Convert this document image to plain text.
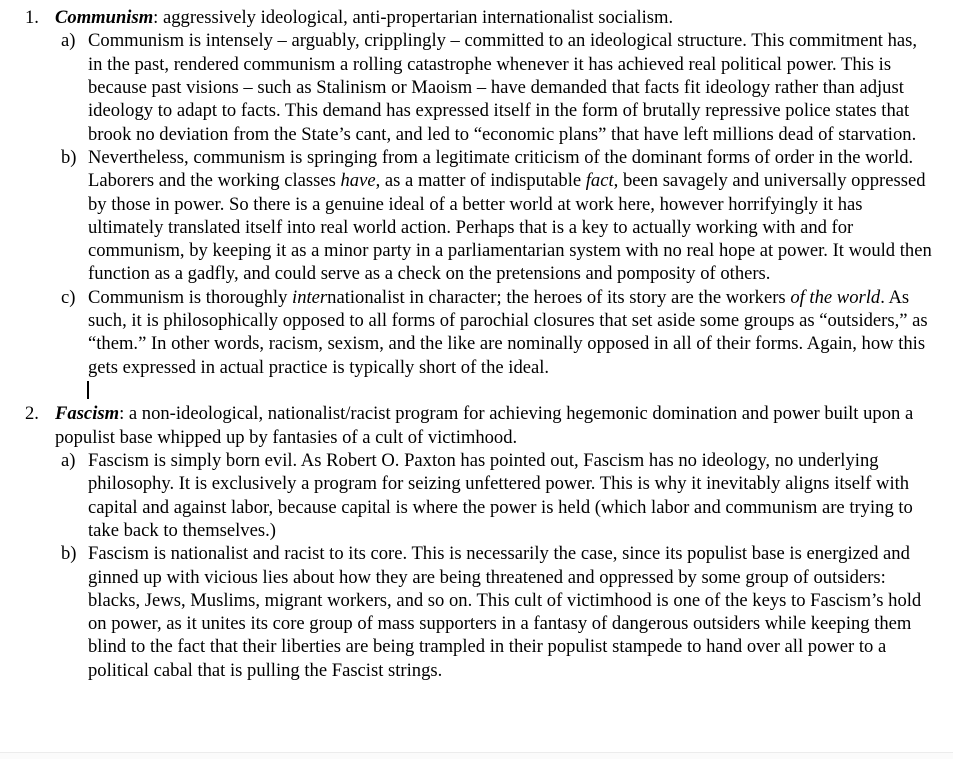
1. Communism: aggressively ideological, anti-propertarian internationalist socialism.
a) Communism is intensely – arguably, cripplingly – committed to an ideological structure. This commitment has, in the past, rendered communism a rolling catastrophe whenever it has achieved real political power. This is because past visions – such as Stalinism or Maoism – have demanded that facts fit ideology rather than adjust ideology to adapt to facts. This demand has expressed itself in the form of brutally repressive police states that brook no deviation from the State’s cant, and led to “economic plans” that have left millions dead of starvation.
b) Nevertheless, communism is springing from a legitimate criticism of the dominant forms of order in the world. Laborers and the working classes have, as a matter of indisputable fact, been savagely and universally oppressed by those in power. So there is a genuine ideal of a better world at work here, however horrifyingly it has ultimately translated itself into real world action. Perhaps that is a key to actually working with and for communism, by keeping it as a minor party in a parliamentarian system with no real hope at power. It would then function as a gadfly, and could serve as a check on the pretensions and pomposity of others.
c) Communism is thoroughly internationalist in character; the heroes of its story are the workers of the world. As such, it is philosophically opposed to all forms of parochial closures that set aside some groups as “outsiders,” as “them.” In other words, racism, sexism, and the like are nominally opposed in all of their forms. Again, how this gets expressed in actual practice is typically short of the ideal.
2. Fascism: a non-ideological, nationalist/racist program for achieving hegemonic domination and power built upon a populist base whipped up by fantasies of a cult of victimhood.
a) Fascism is simply born evil. As Robert O. Paxton has pointed out, Fascism has no ideology, no underlying philosophy. It is exclusively a program for seizing unfettered power. This is why it inevitably aligns itself with capital and against labor, because capital is where the power is held (which labor and communism are trying to take back to themselves.)
b) Fascism is nationalist and racist to its core. This is necessarily the case, since its populist base is energized and ginned up with vicious lies about how they are being threatened and oppressed by some group of outsiders: blacks, Jews, Muslims, migrant workers, and so on. This cult of victimhood is one of the keys to Fascism’s hold on power, as it unites its core group of mass supporters in a fantasy of dangerous outsiders while keeping them blind to the fact that their liberties are being trampled in their populist stampede to hand over all power to a political cabal that is pulling the Fascist strings.
